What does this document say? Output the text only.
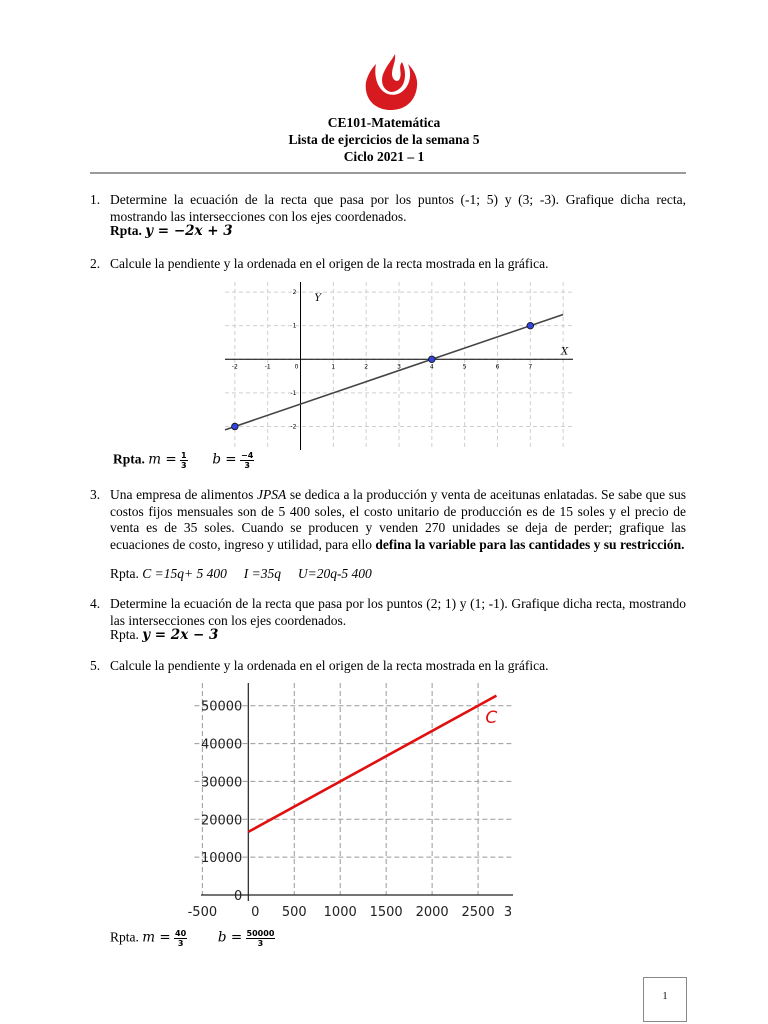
CE101-Matemática
Lista de ejercicios de la semana 5
Ciclo 2021 – 1
1. Determine la ecuación de la recta que pasa por los puntos (-1; 5) y (3; -3). Grafique dicha recta, mostrando las intersecciones con los ejes coordenados.
Rpta. y = −2x + 3
2. Calcule la pendiente y la ordenada en el origen de la recta mostrada en la gráfica.
-2	-1	1	2	3	4	5	6	7
2
1
-1
-2
0
Y
X
Rpta. $m = \frac{1}{3}$ $b = \frac{-4}{3}$
3. Una empresa de alimentos JPSA se dedica a la producción y venta de aceitunas enlatadas. Se sabe que sus costos fijos mensuales son de 5 400 soles, el costo unitario de producción es de 15 soles y el precio de venta es de 35 soles. Cuando se producen y venden 270 unidades se deja de perder; grafique las ecuaciones de costo, ingreso y utilidad, para ello defina la variable para las cantidades y su restricción.
Rpta. C =15q+ 5 400     I =35q     U=20q-5 400
4. Determine la ecuación de la recta que pasa por los puntos (2; 1) y (1; -1). Grafique dicha recta, mostrando las intersecciones con los ejes coordenados.
Rpta. y = 2x − 3
5. Calcule la pendiente y la ordenada en el origen de la recta mostrada en la gráfica.
-500	0 500 1000 1500 2000 2500 3
0
10000
20000
30000
40000
50000
C
Rpta. $m = \frac{40}{3}$ $b = \frac{50000}{3}$
1
